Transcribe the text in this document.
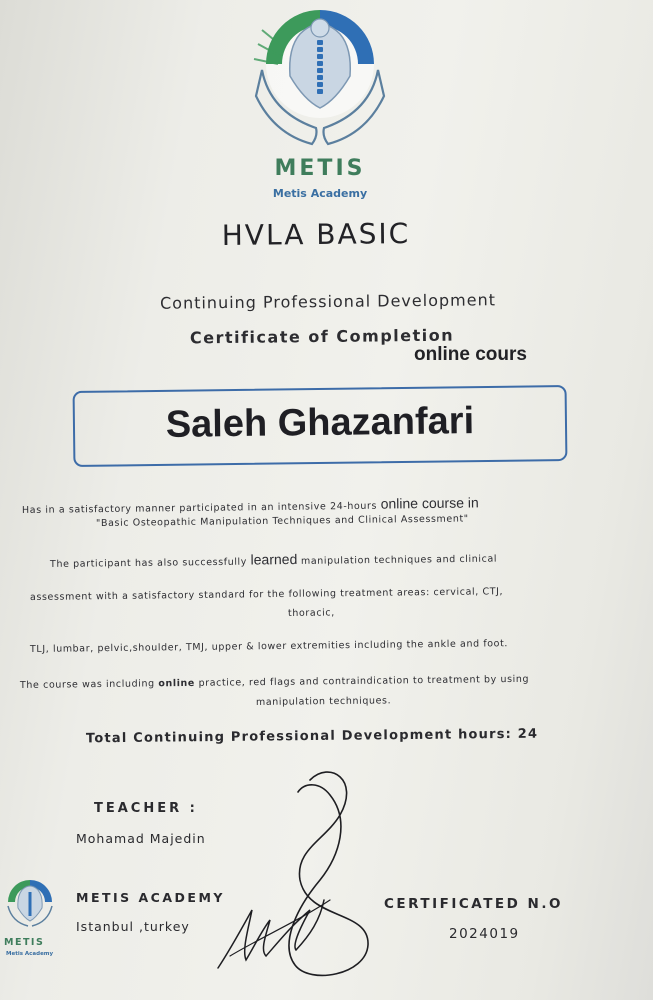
METIS
Metis Academy
HVLA BASIC
Continuing Professional Development
Certificate of Completion
online cours
Saleh Ghazanfari
Has in a satisfactory manner participated in an intensive 24-hours online course in
"Basic Osteopathic Manipulation Techniques and Clinical Assessment"
The participant has also successfully learned manipulation techniques and clinical
assessment with a satisfactory standard for the following treatment areas: cervical, CTJ,
thoracic,
TLJ, lumbar, pelvic,shoulder, TMJ, upper & lower extremities including the ankle and foot.
The course was including online practice, red flags and contraindication to treatment by using
manipulation techniques.
Total Continuing Professional Development hours: 24
TEACHER :
Mohamad Majedin
METIS ACADEMY
Istanbul ,turkey
CERTIFICATED N.O
2024019
METIS
Metis Academy
